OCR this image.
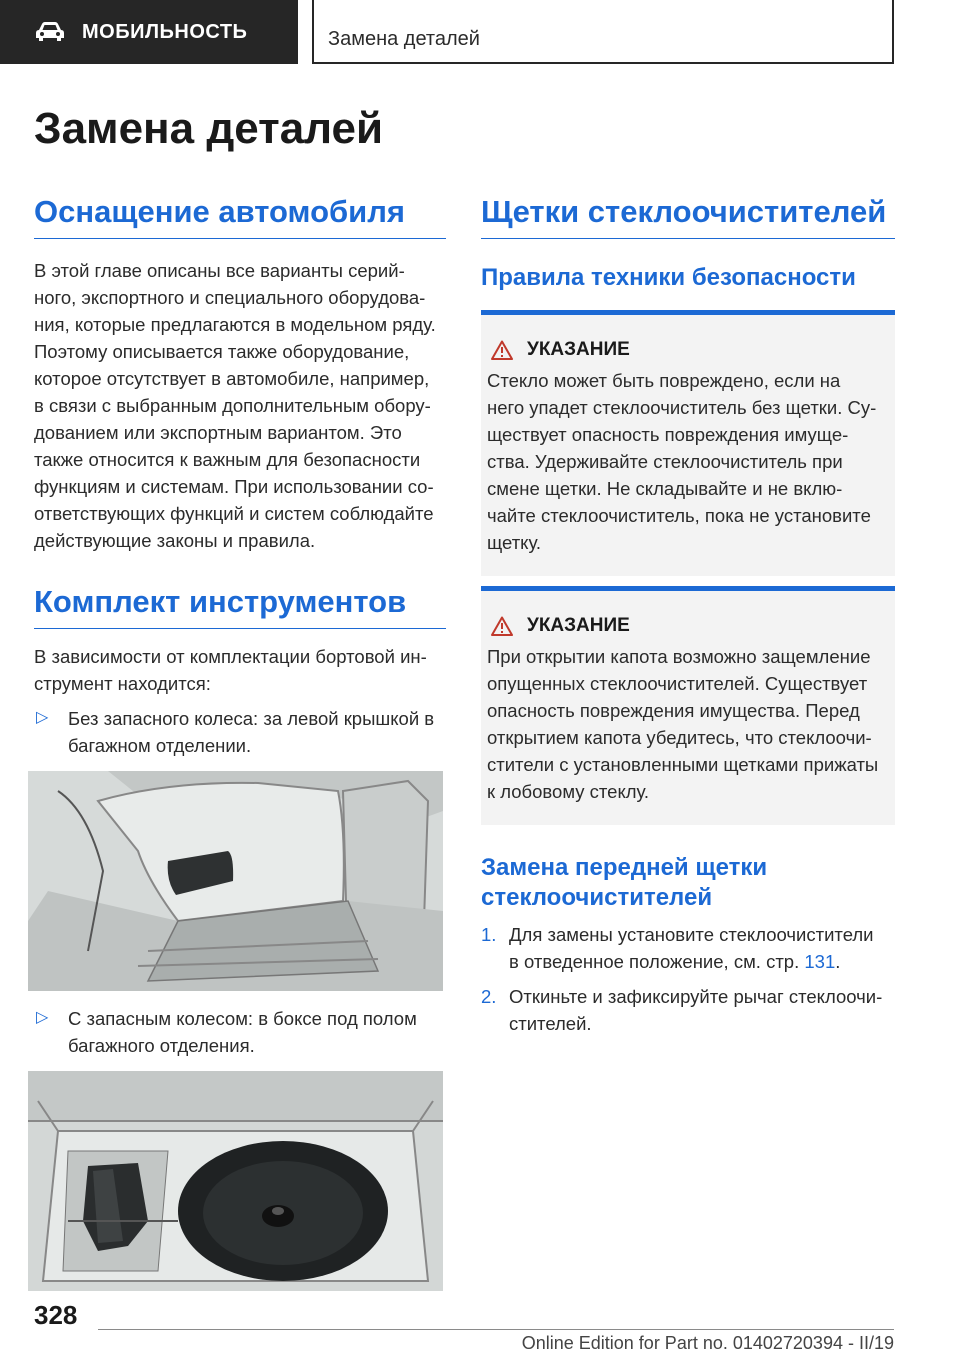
МОБИЛЬНОСТЬ	Замена деталей
Замена деталей
Оснащение автомобиля

В этой главе описаны все варианты серий-

ного, экспортного и специального оборудова-

ния, которые предлагаются в модельном ряду.

Поэтому описывается также оборудование,

которое отсутствует в автомобиле, например,

в связи с выбранным дополнительным обору-

дованием или экспортным вариантом. Это

также относится к важным для безопасности

функциям и системам. При использовании со-

ответствующих функций и систем соблюдайте

действующие законы и правила.

Комплект инструментов

В зависимости от комплектации бортовой ин-

струмент находится:

▷ Без запасного колеса: за левой крышкой в
багажном отделении.
▷ С запасным колесом: в боксе под полом
багажного отделения.
Щетки стеклоочистителей
Правила техники безопасности
УКАЗАНИЕ

Стекло может быть повреждено, если на

него упадет стеклоочиститель без щетки. Су-

ществует опасность повреждения имуще-

ства. Удерживайте стеклоочиститель при

смене щетки. Не складывайте и не вклю-

чайте стеклоочиститель, пока не установите

щетку.

УКАЗАНИЕ

При открытии капота возможно защемление

опущенных стеклоочистителей. Существует

опасность повреждения имущества. Перед

открытием капота убедитесь, что стеклоочи-

стители с установленными щетками прижаты

к лобовому стеклу.

Замена передней щетки
стеклоочистителей
1. Для замены установите стеклоочистители
в отведенное положение, см. стр. 131.
2. Откиньте и зафиксируйте рычаг стеклоочи-
стителей.
328
Online Edition for Part no. 01402720394 - II/19
